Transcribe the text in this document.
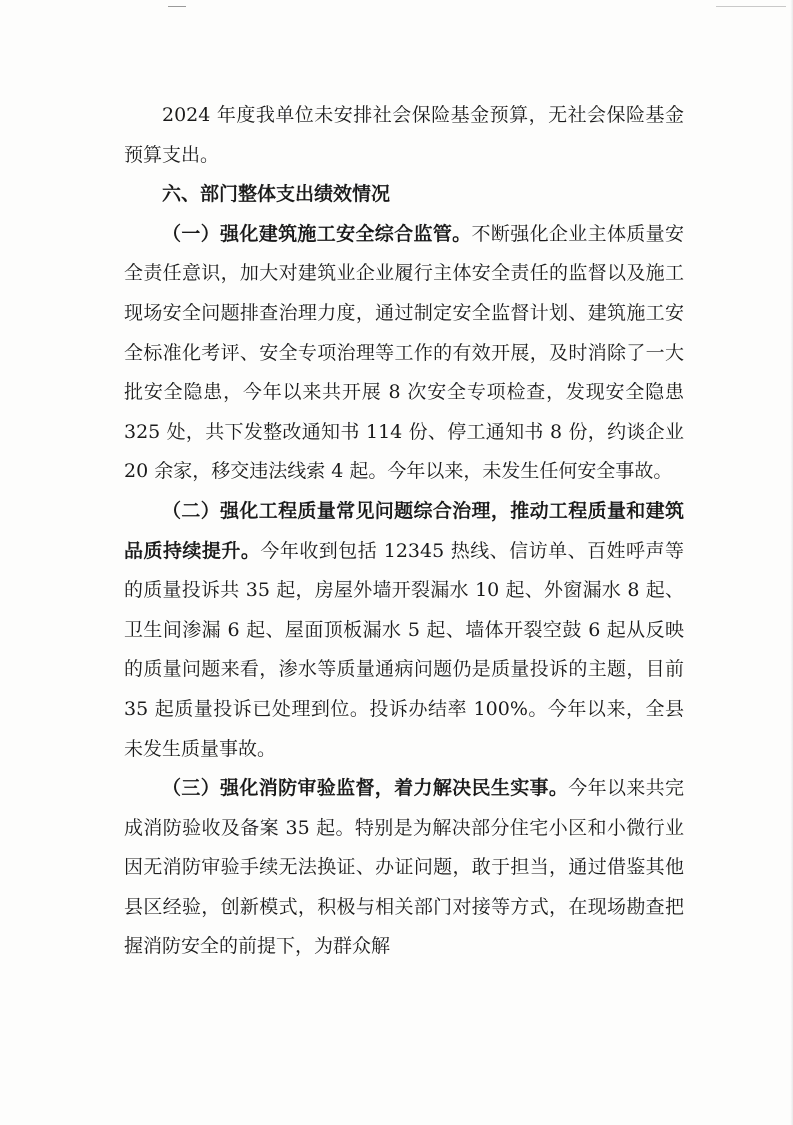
2024 年度我单位未安排社会保险基金预算，无社会保险基金预算支出。

六、部门整体支出绩效情况

（一）强化建筑施工安全综合监管。不断强化企业主体质量安全责任意识，加大对建筑业企业履行主体安全责任的监督以及施工现场安全问题排查治理力度，通过制定安全监督计划、建筑施工安全标准化考评、安全专项治理等工作的有效开展，及时消除了一大批安全隐患，今年以来共开展 8 次安全专项检查，发现安全隐患 325 处，共下发整改通知书 114 份、停工通知书 8 份，约谈企业 20 余家，移交违法线索 4 起。今年以来，未发生任何安全事故。

（二）强化工程质量常见问题综合治理，推动工程质量和建筑品质持续提升。今年收到包括 12345 热线、信访单、百姓呼声等的质量投诉共 35 起，房屋外墙开裂漏水 10 起、外窗漏水 8 起、卫生间渗漏 6 起、屋面顶板漏水 5 起、墙体开裂空鼓 6 起从反映的质量问题来看，渗水等质量通病问题仍是质量投诉的主题，目前 35 起质量投诉已处理到位。投诉办结率 100%。今年以来，全县未发生质量事故。

（三）强化消防审验监督，着力解决民生实事。今年以来共完成消防验收及备案 35 起。特别是为解决部分住宅小区和小微行业因无消防审验手续无法换证、办证问题，敢于担当，通过借鉴其他县区经验，创新模式，积极与相关部门对接等方式，在现场勘查把握消防安全的前提下，为群众解
